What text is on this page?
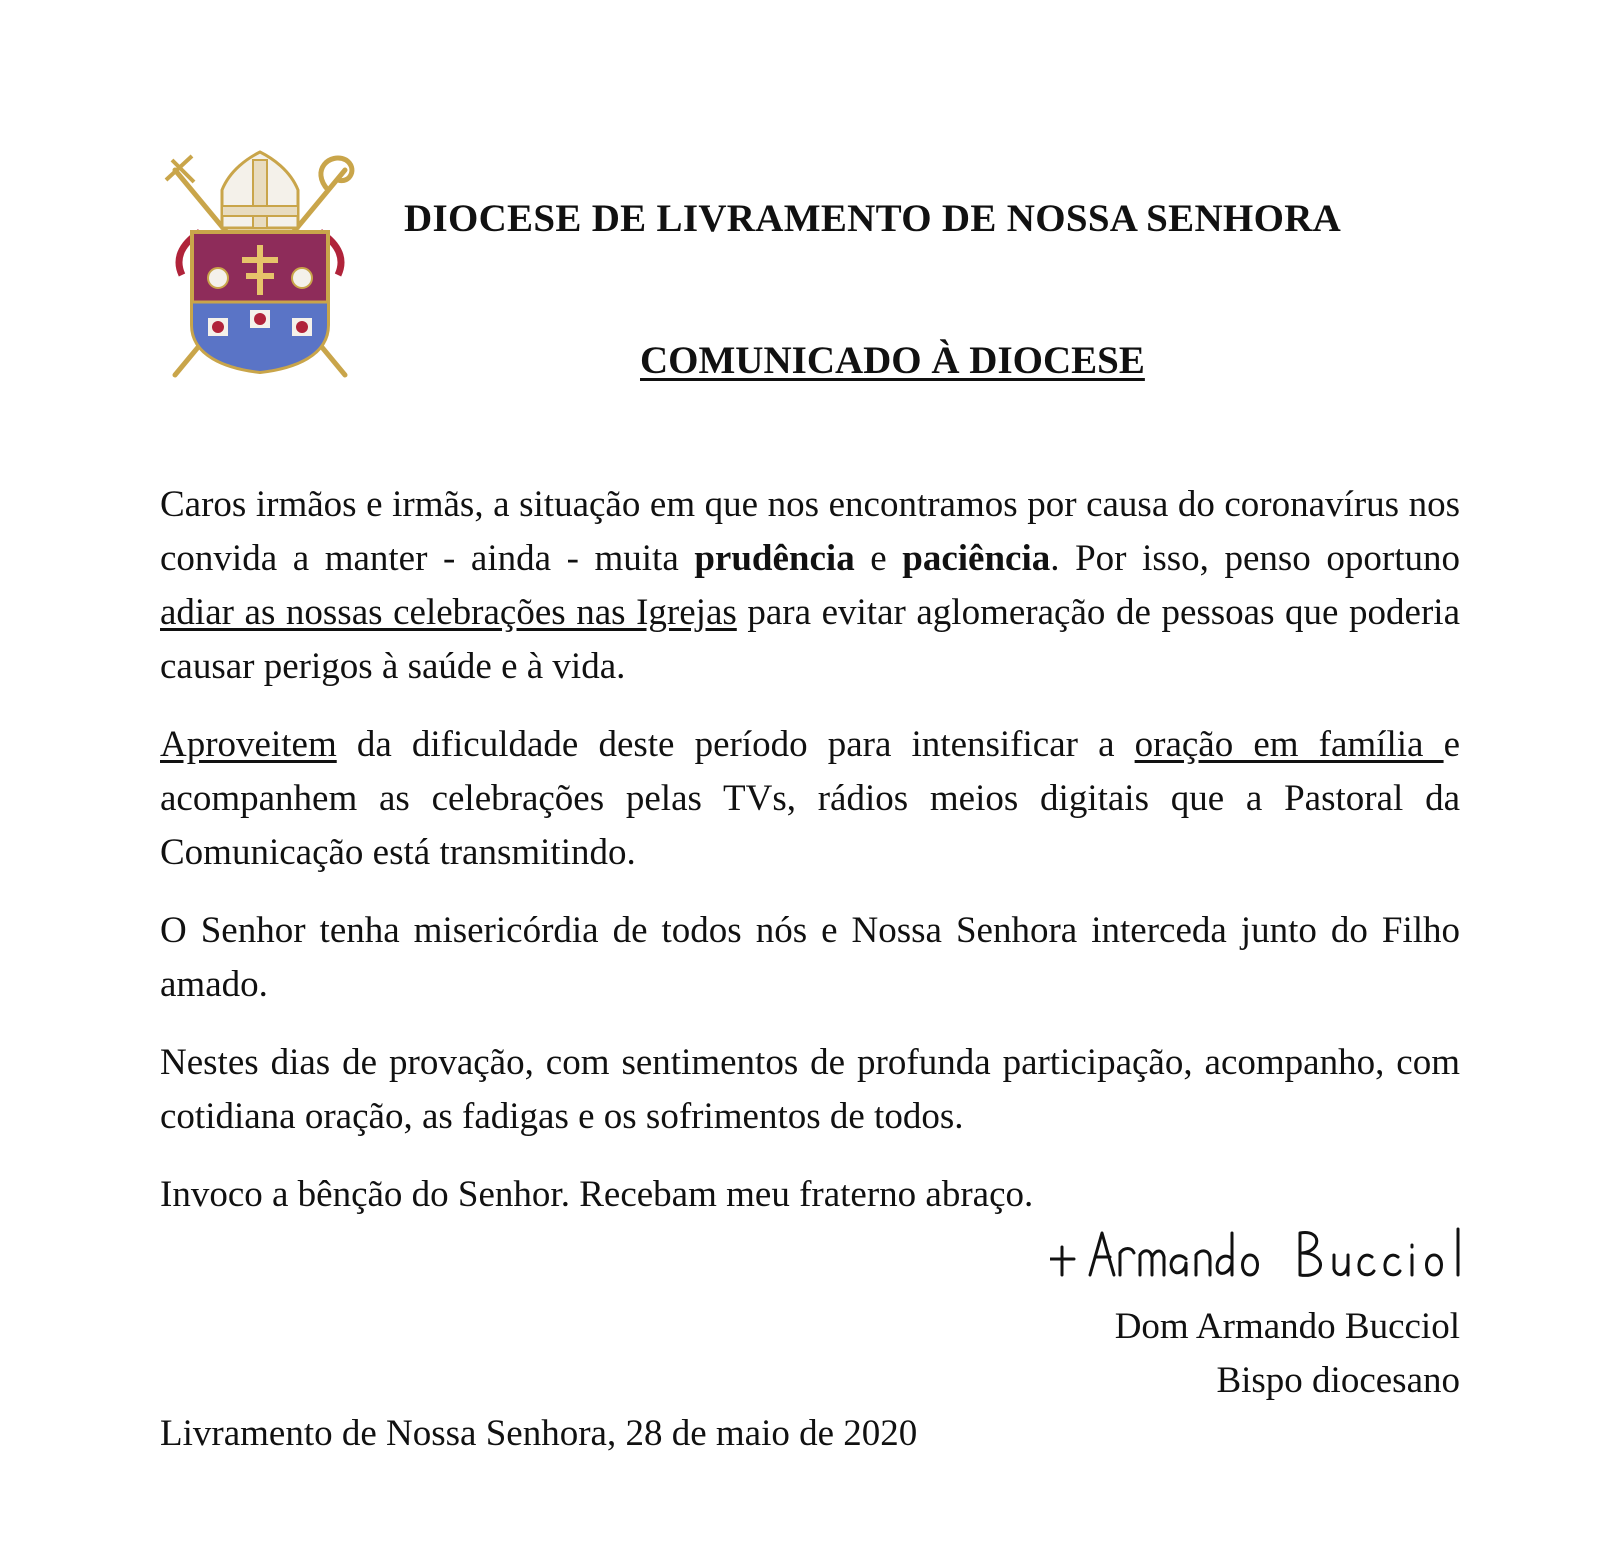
DIOCESE DE LIVRAMENTO DE NOSSA SENHORA
COMUNICADO À DIOCESE

Caros irmãos e irmãs, a situação em que nos encontramos por causa do coronavírus nos convida a manter - ainda - muita prudência e paciência. Por isso, penso oportuno adiar as nossas celebrações nas Igrejas para evitar aglomeração de pessoas que poderia causar perigos à saúde e à vida.

Aproveitem da dificuldade deste período para intensificar a oração em família e acompanhem as celebrações pelas TVs, rádios meios digitais que a Pastoral da Comunicação está transmitindo.

O Senhor tenha misericórdia de todos nós e Nossa Senhora interceda junto do Filho amado.

Nestes dias de provação, com sentimentos de profunda participação, acompanho, com cotidiana oração, as fadigas e os sofrimentos de todos.

Invoco a bênção do Senhor. Recebam meu fraterno abraço.

Dom Armando Bucciol
Bispo diocesano
Livramento de Nossa Senhora, 28 de maio de 2020
